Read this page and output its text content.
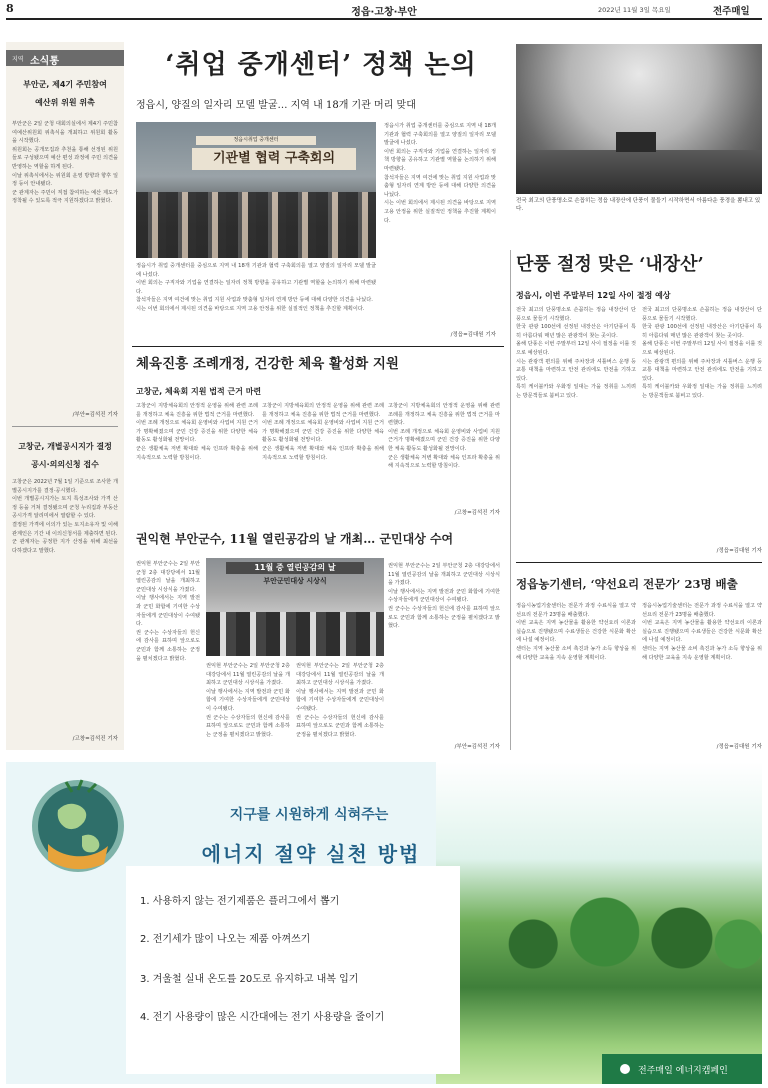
8	정읍·고창·부안	2022년 11월 3일 목요일	전주매일
지역 소식통
부안군, 제4기 주민참여
예산위 위원 위촉
부안군은 2일 군청 대회의실에서 제4기 주민참여예산위원회 위촉식을 개최하고 위원회 활동을 시작했다.
위원회는 공개모집과 추천을 통해 선정된 위원들로 구성됐으며 예산 편성 과정에 주민 의견을 반영하는 역할을 하게 된다.
이날 위촉식에서는 위원회 운영 방향과 향후 일정 등이 안내됐다.
군 관계자는 주민이 직접 참여하는 예산 제도가 정착될 수 있도록 적극 지원하겠다고 밝혔다.
/부안=김석진 기자
고창군, 개별공시지가 결정
공시·의의신청 접수
고창군은 2022년 7월 1일 기준으로 조사한 개별공시지가를 결정·공시했다.
이번 개별공시지가는 토지 특성조사와 가격 산정 등을 거쳐 결정됐으며 군청 누리집과 부동산공시가격 알리미에서 열람할 수 있다.
결정된 가격에 이의가 있는 토지소유자 및 이해관계인은 기간 내 이의신청서를 제출하면 된다.
군 관계자는 공정한 지가 산정을 위해 최선을 다하겠다고 말했다.
/고창=김석진 기자
‘취업 중개센터’ 정책 논의
정읍시, 양질의 일자리 모델 발굴… 지역 내 18개 기관 머리 맞대
정읍시취업 중개센터
기관별 협력 구축회의
정읍시가 취업 중개센터를 중심으로 지역 내 18개 기관과 협력 구축회의를 열고 양질의 일자리 모델 발굴에 나섰다.
이번 회의는 구직자와 기업을 연결하는 일자리 정책 방향을 공유하고 기관별 역할을 논의하기 위해 마련됐다.
참석자들은 지역 여건에 맞는 취업 지원 사업과 맞춤형 일자리 연계 방안 등에 대해 다양한 의견을 나눴다.
시는 이번 회의에서 제시된 의견을 바탕으로 지역 고용 안정을 위한 실질적인 정책을 추진할 계획이다.
정읍시가 취업 중개센터를 중심으로 지역 내 18개 기관과 협력 구축회의를 열고 양질의 일자리 모델 발굴에 나섰다.
이번 회의는 구직자와 기업을 연결하는 일자리 정책 방향을 공유하고 기관별 역할을 논의하기 위해 마련됐다.
참석자들은 지역 여건에 맞는 취업 지원 사업과 맞춤형 일자리 연계 방안 등에 대해 다양한 의견을 나눴다.
시는 이번 회의에서 제시된 의견을 바탕으로 지역 고용 안정을 위한 실질적인 정책을 추진할 계획이다.
/정읍=김대원 기자
전국 최고의 단풍명소로 손꼽히는 정읍 내장산에 단풍이 물들기 시작하면서 아름다운 풍경을 뽐내고 있다.
단풍 절정 맞은 ‘내장산’
정읍시, 이번 주말부터 12일 사이 절정 예상
전국 최고의 단풍명소로 손꼽히는 정읍 내장산이 단풍으로 물들기 시작했다.
한국 관광 100선에 선정된 내장산은 아기단풍이 특히 아름다워 매년 많은 관광객이 찾는 곳이다.
올해 단풍은 이번 주말부터 12일 사이 절정을 이룰 것으로 예상된다.
시는 관광객 편의를 위해 주차장과 셔틀버스 운행 등 교통 대책을 마련하고 안전 관리에도 만전을 기하고 있다.
특히 케이블카와 우화정 일대는 가을 정취를 느끼려는 방문객들로 붐비고 있다.
전국 최고의 단풍명소로 손꼽히는 정읍 내장산이 단풍으로 물들기 시작했다.
한국 관광 100선에 선정된 내장산은 아기단풍이 특히 아름다워 매년 많은 관광객이 찾는 곳이다.
올해 단풍은 이번 주말부터 12일 사이 절정을 이룰 것으로 예상된다.
시는 관광객 편의를 위해 주차장과 셔틀버스 운행 등 교통 대책을 마련하고 안전 관리에도 만전을 기하고 있다.
특히 케이블카와 우화정 일대는 가을 정취를 느끼려는 방문객들로 붐비고 있다.
/정읍=김대원 기자
체육진흥 조례개정, 건강한 체육 활성화 지원
고창군, 체육회 지원 법적 근거 마련
고창군이 지방체육회의 안정적 운영을 위해 관련 조례를 개정하고 체육 진흥을 위한 법적 근거를 마련했다.
이번 조례 개정으로 체육회 운영비와 사업비 지원 근거가 명확해졌으며 군민 건강 증진을 위한 다양한 체육 활동도 활성화될 전망이다.
군은 생활체육 저변 확대와 체육 인프라 확충을 위해 지속적으로 노력할 방침이다.
고창군이 지방체육회의 안정적 운영을 위해 관련 조례를 개정하고 체육 진흥을 위한 법적 근거를 마련했다.
이번 조례 개정으로 체육회 운영비와 사업비 지원 근거가 명확해졌으며 군민 건강 증진을 위한 다양한 체육 활동도 활성화될 전망이다.
군은 생활체육 저변 확대와 체육 인프라 확충을 위해 지속적으로 노력할 방침이다.
고창군이 지방체육회의 안정적 운영을 위해 관련 조례를 개정하고 체육 진흥을 위한 법적 근거를 마련했다.
이번 조례 개정으로 체육회 운영비와 사업비 지원 근거가 명확해졌으며 군민 건강 증진을 위한 다양한 체육 활동도 활성화될 전망이다.
군은 생활체육 저변 확대와 체육 인프라 확충을 위해 지속적으로 노력할 방침이다.
/고창=김석진 기자
권익현 부안군수, 11월 열린공감의 날 개최… 군민대상 수여
권익현 부안군수는 2일 부안군청 2층 대강당에서 11월 열린공감의 날을 개최하고 군민대상 시상식을 가졌다.
이날 행사에서는 지역 발전과 군민 화합에 기여한 수상자들에게 군민대상이 수여됐다.
권 군수는 수상자들의 헌신에 감사를 표하며 앞으로도 군민과 함께 소통하는 군정을 펼치겠다고 밝혔다.
11월 중 열린공감의 날
부안군민대상 시상식
권익현 부안군수는 2일 부안군청 2층 대강당에서 11월 열린공감의 날을 개최하고 군민대상 시상식을 가졌다.
이날 행사에서는 지역 발전과 군민 화합에 기여한 수상자들에게 군민대상이 수여됐다.
권 군수는 수상자들의 헌신에 감사를 표하며 앞으로도 군민과 함께 소통하는 군정을 펼치겠다고 밝혔다.
권익현 부안군수는 2일 부안군청 2층 대강당에서 11월 열린공감의 날을 개최하고 군민대상 시상식을 가졌다.
이날 행사에서는 지역 발전과 군민 화합에 기여한 수상자들에게 군민대상이 수여됐다.
권 군수는 수상자들의 헌신에 감사를 표하며 앞으로도 군민과 함께 소통하는 군정을 펼치겠다고 밝혔다.
권익현 부안군수는 2일 부안군청 2층 대강당에서 11월 열린공감의 날을 개최하고 군민대상 시상식을 가졌다.
이날 행사에서는 지역 발전과 군민 화합에 기여한 수상자들에게 군민대상이 수여됐다.
권 군수는 수상자들의 헌신에 감사를 표하며 앞으로도 군민과 함께 소통하는 군정을 펼치겠다고 밝혔다.
/부안=김석진 기자
정읍농기센터, ‘약선요리 전문가’ 23명 배출
정읍시농업기술센터는 전문가 과정 수료식을 열고 약선요리 전문가 23명을 배출했다.
이번 교육은 지역 농산물을 활용한 약선요리 이론과 실습으로 진행됐으며 수료생들은 건강한 식문화 확산에 나설 예정이다.
센터는 지역 농산물 소비 촉진과 농가 소득 향상을 위해 다양한 교육을 지속 운영할 계획이다.
정읍시농업기술센터는 전문가 과정 수료식을 열고 약선요리 전문가 23명을 배출했다.
이번 교육은 지역 농산물을 활용한 약선요리 이론과 실습으로 진행됐으며 수료생들은 건강한 식문화 확산에 나설 예정이다.
센터는 지역 농산물 소비 촉진과 농가 소득 향상을 위해 다양한 교육을 지속 운영할 계획이다.
/정읍=김대원 기자
지구를 시원하게 식혀주는
에너지 절약 실천 방법
1. 사용하지 않는 전기제품은 플러그에서 뽑기
2. 전기세가 많이 나오는 제품 아껴쓰기
3. 겨울철 실내 온도를 20도로 유지하고 내복 입기
4. 전기 사용량이 많은 시간대에는 전기 사용량을 줄이기
전주매일 에너지캠페인
